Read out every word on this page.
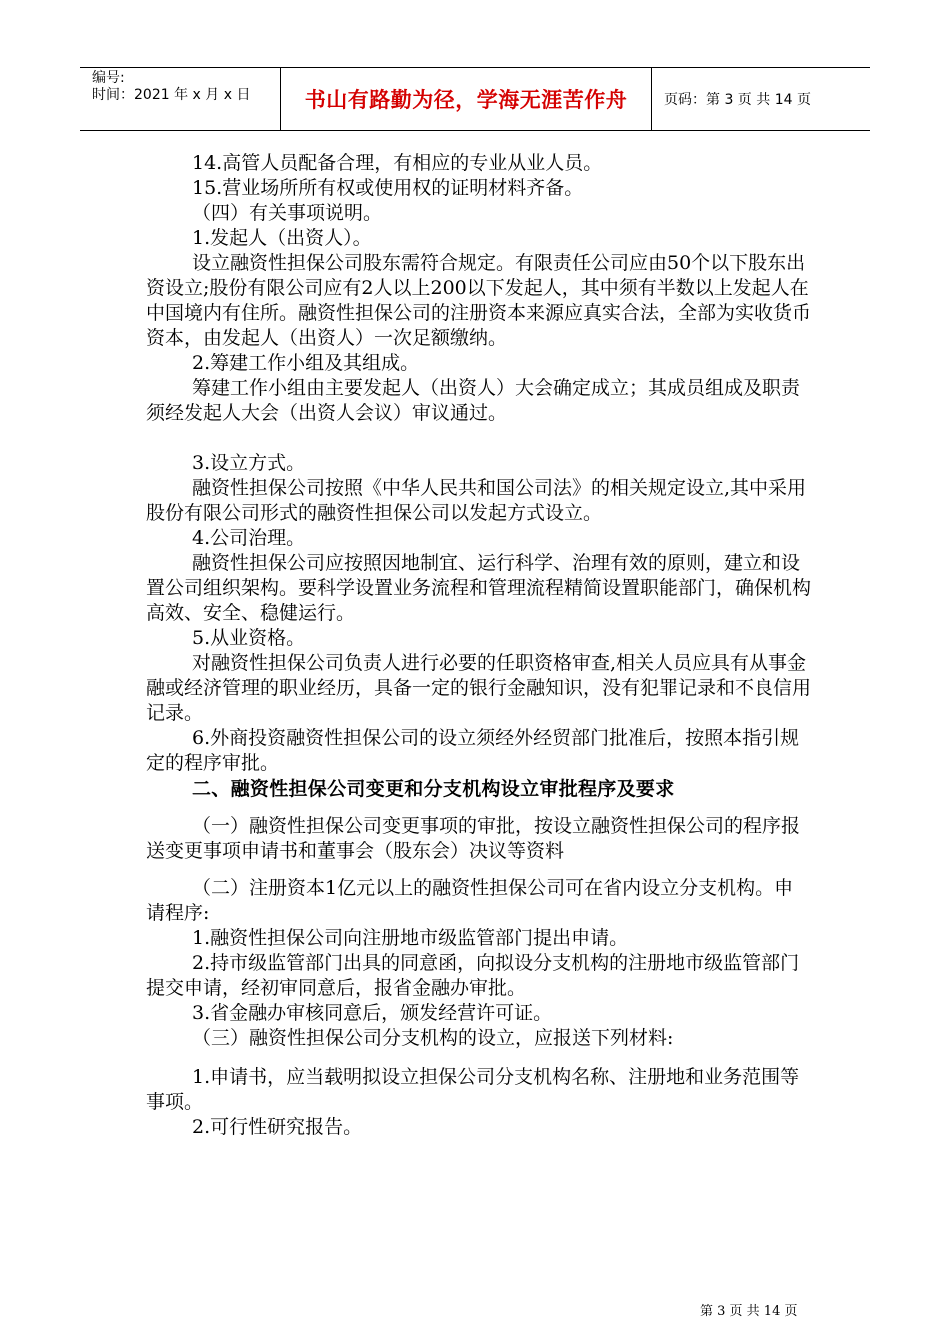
编号:
时间：2021 年 x 月 x 日	书山有路勤为径，学海无涯苦作舟	页码：第 3 页 共 14 页

14.高管人员配备合理，有相应的专业从业人员。

15.营业场所所有权或使用权的证明材料齐备。

（四）有关事项说明。

1.发起人（出资人）。

设立融资性担保公司股东需符合规定。有限责任公司应由50个以下股东出资设立;股份有限公司应有2人以上200以下发起人，其中须有半数以上发起人在中国境内有住所。融资性担保公司的注册资本来源应真实合法，全部为实收货币资本，由发起人（出资人）一次足额缴纳。

2.筹建工作小组及其组成。

筹建工作小组由主要发起人（出资人）大会确定成立；其成员组成及职责须经发起人大会（出资人会议）审议通过。

3.设立方式。

融资性担保公司按照《中华人民共和国公司法》的相关规定设立,其中采用股份有限公司形式的融资性担保公司以发起方式设立。

4.公司治理。

融资性担保公司应按照因地制宜、运行科学、治理有效的原则，建立和设置公司组织架构。要科学设置业务流程和管理流程精简设置职能部门，确保机构高效、安全、稳健运行。

5.从业资格。

对融资性担保公司负责人进行必要的任职资格审查,相关人员应具有从事金融或经济管理的职业经历，具备一定的银行金融知识，没有犯罪记录和不良信用记录。

6.外商投资融资性担保公司的设立须经外经贸部门批准后，按照本指引规定的程序审批。

二、融资性担保公司变更和分支机构设立审批程序及要求

（一）融资性担保公司变更事项的审批，按设立融资性担保公司的程序报送变更事项申请书和董事会（股东会）决议等资料

（二）注册资本1亿元以上的融资性担保公司可在省内设立分支机构。申请程序:

1.融资性担保公司向注册地市级监管部门提出申请。

2.持市级监管部门出具的同意函，向拟设分支机构的注册地市级监管部门提交申请，经初审同意后，报省金融办审批。

3.省金融办审核同意后，颁发经营许可证。

（三）融资性担保公司分支机构的设立，应报送下列材料:

1.申请书，应当载明拟设立担保公司分支机构名称、注册地和业务范围等事项。

2.可行性研究报告。

第 3 页 共 14 页
